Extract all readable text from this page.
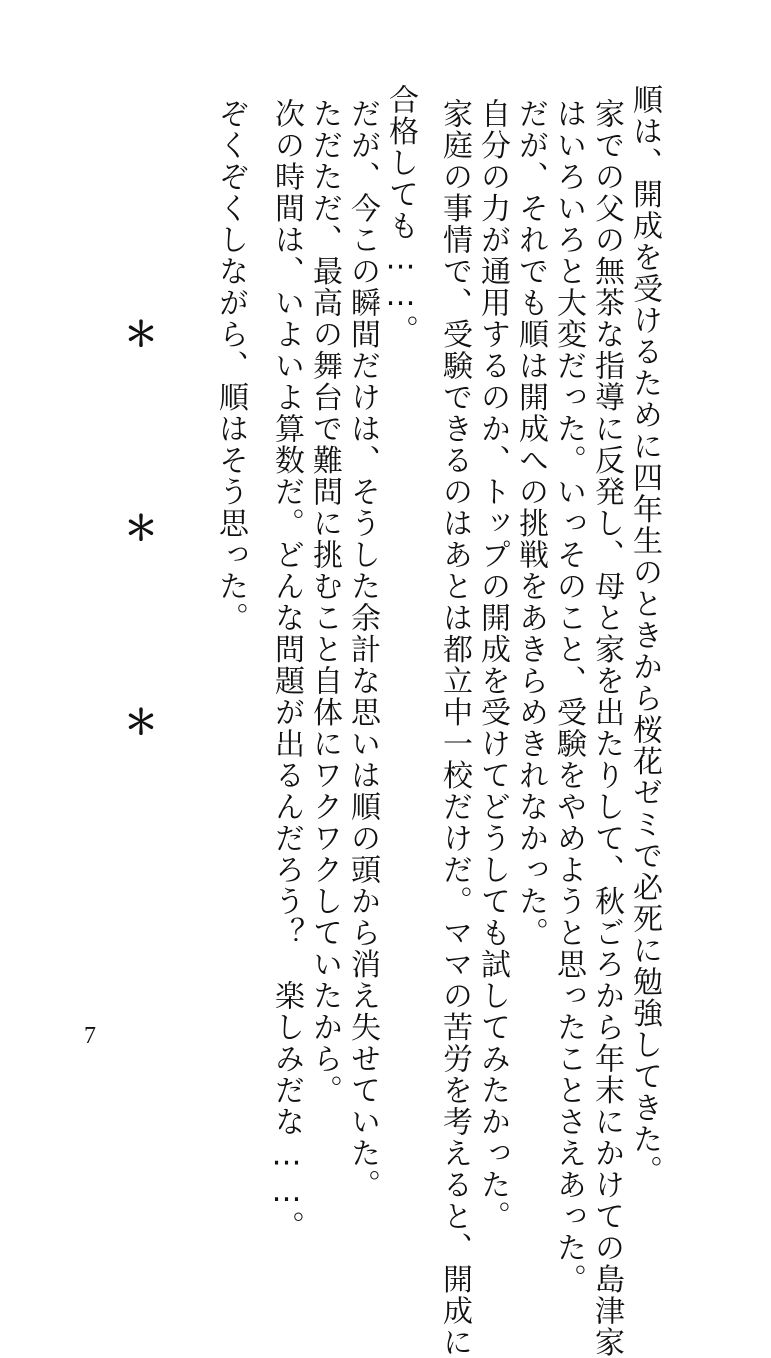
順は、開成を受けるために四年生のときから桜花ゼミで必死に勉強してきた。

家での父の無茶な指導に反発し、母と家を出たりして、秋ごろから年末にかけての島津家

はいろいろと大変だった。いっそのこと、受験をやめようと思ったことさえあった。

だが、それでも順は開成への挑戦をあきらめきれなかった。

自分の力が通用するのか、トップの開成を受けてどうしても試してみたかった。

家庭の事情で、受験できるのはあとは都立中一校だけだ。ママの苦労を考えると、開成に

合格しても……。

だが、今この瞬間だけは、そうした余計な思いは順の頭から消え失せていた。

ただただ、最高の舞台で難問に挑むこと自体にワクワクしていたから。

次の時間は、いよいよ算数だ。どんな問題が出るんだろう？　楽しみだな……。

ぞくぞくしながら、順はそう思った。

＊
＊
＊
7
